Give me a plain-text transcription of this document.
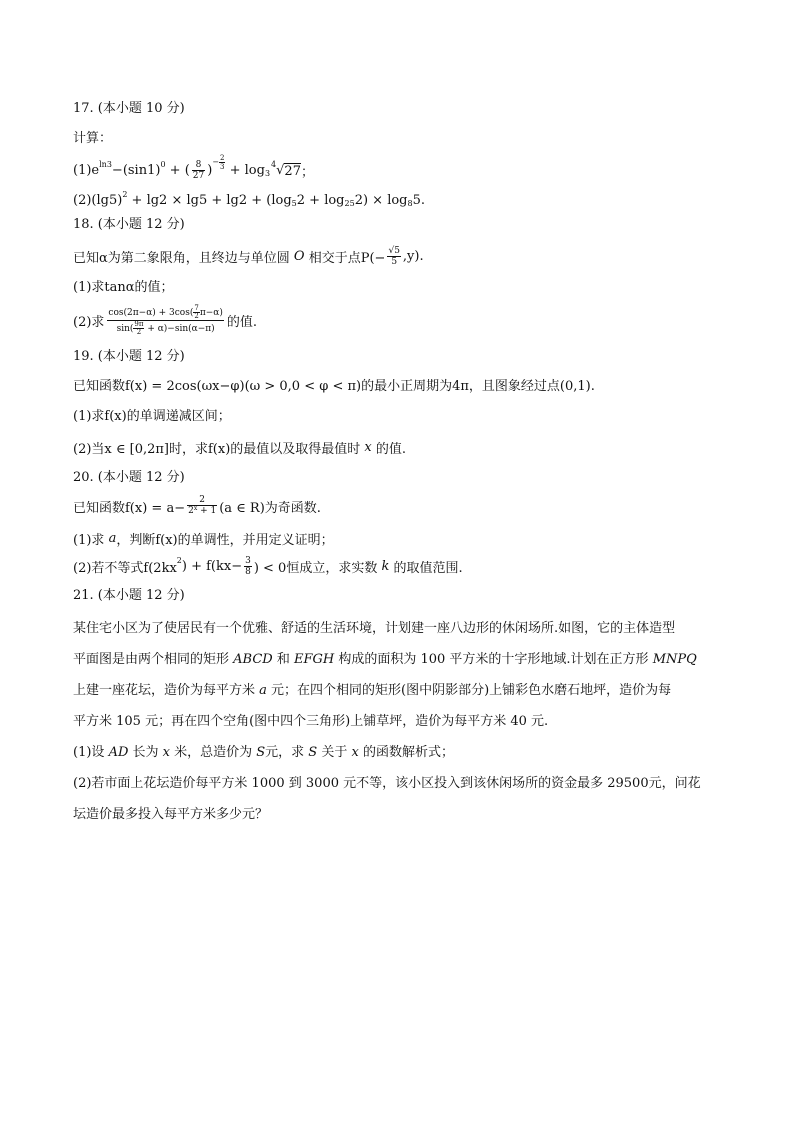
17. (本小题 10 分)
计算：
(1)e ln3 −(sin1) 0 + ( $\frac{8}{27}$ )
− $\frac{2}{3} + \log 3$
4 √ 27 ；
(2)(lg5) 2 + lg2 × lg5 + lg2 + (log 5 2 + log 25 2) × log 8 5.
18. (本小题 12 分)
已知α为第二象限角，且终边与单位圆 O 相交于点$P(- \frac{√5}{5} ,y)$.
(1)求tanα的值；
(2)求 $\frac{\cos(2\pi-\alpha) + 3\cos( \frac{7}{2} \pi-\alpha)}{\sin( \frac{9\pi}{2} + \alpha)-\sin(\alpha-\pi)}$ 的值.
19. (本小题 12 分)
已知函数f(x) = 2cos(ωx−φ)(ω > 0,0 < φ < π)的最小正周期为4π，且图象经过点(0,1).
(1)求f(x)的单调递减区间；
(2)当x ∈ [0,2π]时，求f(x)的最值以及取得最值时 x 的值.
20. (本小题 12 分)
已知函数$f(x) = a- \frac{2}{2^x + 1} (a$ ∈ R)为奇函数.
(1)求 a ，判断f(x)的单调性，并用定义证明；
(2)若不等式f(2kx
2 ) + $f(kx- \frac{3}{8}$ ) < 0恒成立，求实数 k 的取值范围.
21. (本小题 12 分)
某住宅小区为了使居民有一个优雅、舒适的生活环境，计划建一座八边形的休闲场所.如图，它的主体造型
平面图是由两个相同的矩形 ABCD 和 EFGH 构成的面积为 100 平方米的十字形地域.计划在正方形 MNPQ
上建一座花坛，造价为每平方米 a 元；在四个相同的矩形(图中阴影部分)上铺彩色水磨石地坪，造价为每
平方米 105 元；再在四个空角(图中四个三角形)上铺草坪，造价为每平方米 40 元.
(1)设 AD 长为 x 米，总造价为 S元，求 S 关于 x 的函数解析式；
(2)若市面上花坛造价每平方米 1000 到 3000 元不等，该小区投入到该休闲场所的资金最多 29500元，问花
坛造价最多投入每平方米多少元？
